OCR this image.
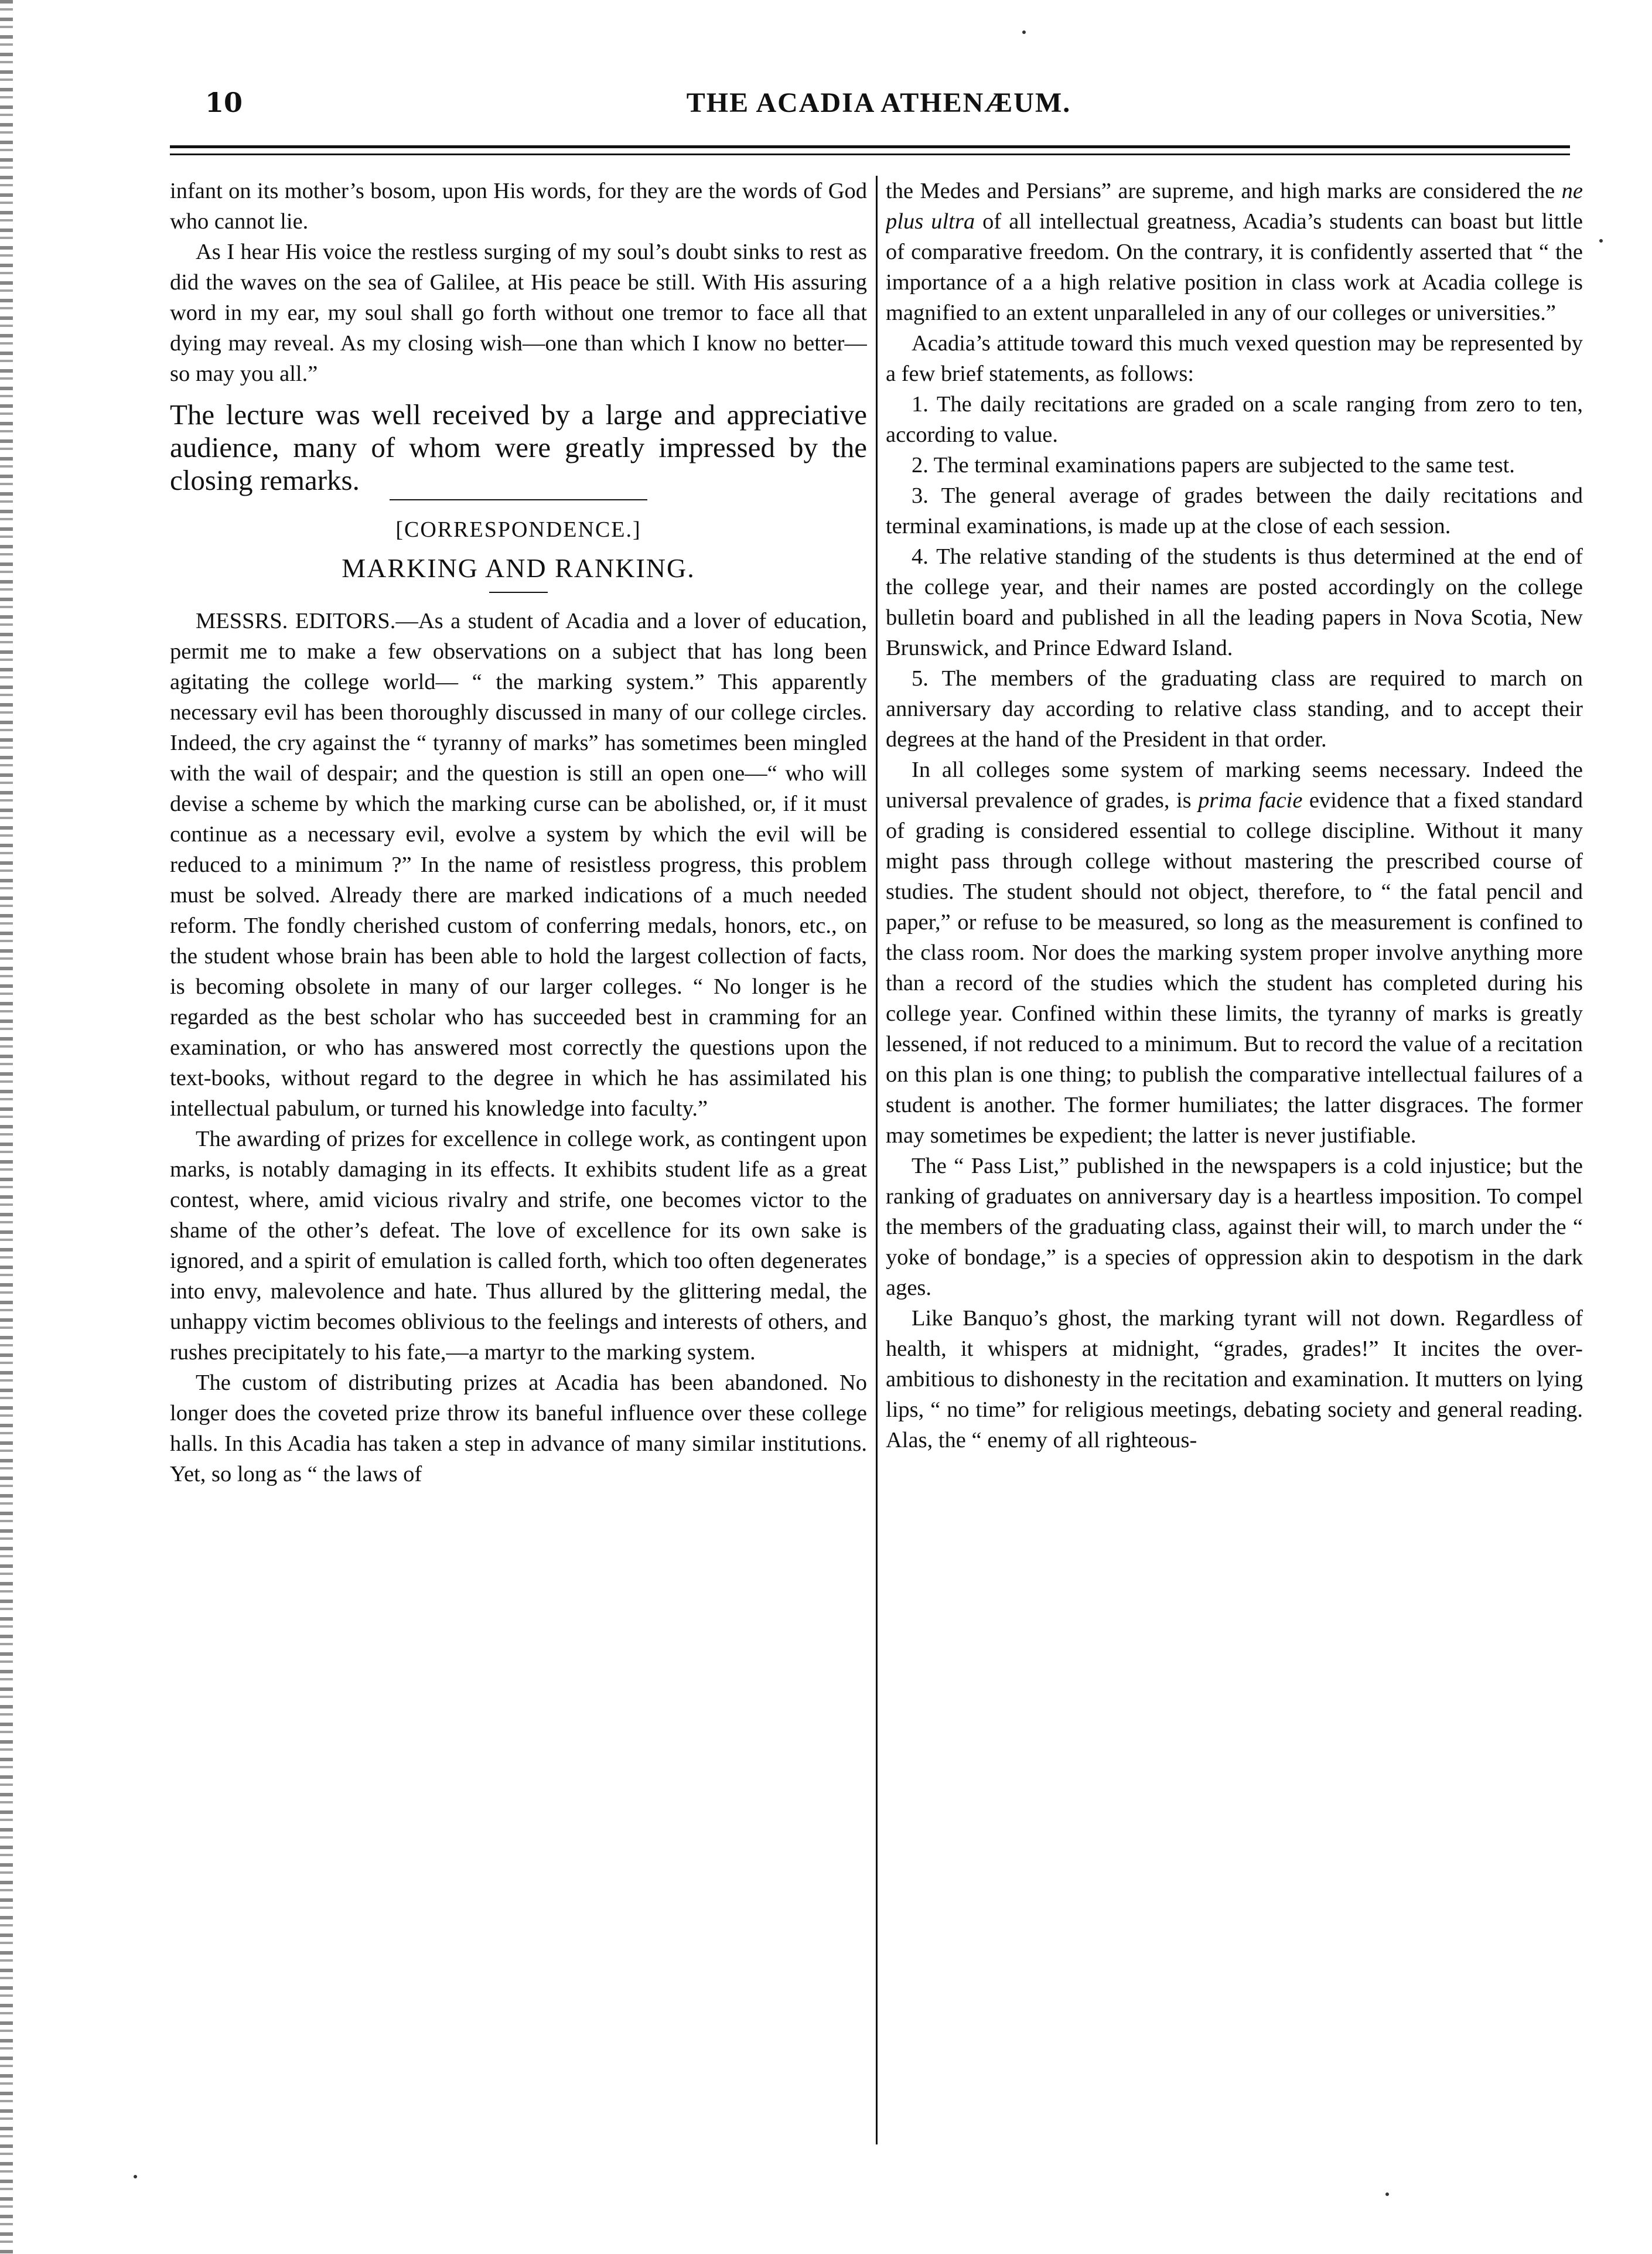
10	THE ACADIA ATHENÆUM.

infant on its mother’s bosom, upon His words, for they are the words of God who cannot lie.

As I hear His voice the restless surging of my soul’s doubt sinks to rest as did the waves on the sea of Galilee, at His peace be still. With His assuring word in my ear, my soul shall go forth without one tremor to face all that dying may reveal. As my closing wish—one than which I know no better—so may you all.”

The lecture was well received by a large and appreciative audience, many of whom were greatly impressed by the closing remarks.

[CORRESPONDENCE.]
MARKING AND RANKING.

MESSRS. EDITORS.—As a student of Acadia and a lover of education, permit me to make a few observations on a subject that has long been agitating the college world— “ the marking system.” This apparently necessary evil has been thoroughly discussed in many of our college circles. Indeed, the cry against the “ tyranny of marks” has sometimes been mingled with the wail of despair; and the question is still an open one—“ who will devise a scheme by which the marking curse can be abolished, or, if it must continue as a necessary evil, evolve a system by which the evil will be reduced to a minimum ?” In the name of resistless progress, this problem must be solved. Already there are marked indications of a much needed reform. The fondly cherished custom of conferring medals, honors, etc., on the student whose brain has been able to hold the largest collection of facts, is becoming obsolete in many of our larger colleges. “ No longer is he regarded as the best scholar who has succeeded best in cramming for an examination, or who has answered most correctly the questions upon the text-books, without regard to the degree in which he has assimilated his intellectual pabulum, or turned his knowledge into faculty.”

The awarding of prizes for excellence in college work, as contingent upon marks, is notably damaging in its effects. It exhibits student life as a great contest, where, amid vicious rivalry and strife, one becomes victor to the shame of the other’s defeat. The love of excellence for its own sake is ignored, and a spirit of emulation is called forth, which too often degenerates into envy, malevolence and hate. Thus allured by the glittering medal, the unhappy victim becomes oblivious to the feelings and interests of others, and rushes precipitately to his fate,—a martyr to the marking system.

The custom of distributing prizes at Acadia has been abandoned. No longer does the coveted prize throw its baneful influence over these college halls. In this Acadia has taken a step in advance of many similar institutions. Yet, so long as “ the laws of

the Medes and Persians” are supreme, and high marks are considered the ne plus ultra of all intellectual greatness, Acadia’s students can boast but little of comparative freedom. On the contrary, it is confidently asserted that “ the importance of a a high relative position in class work at Acadia college is magnified to an extent unparalleled in any of our colleges or universities.”

Acadia’s attitude toward this much vexed question may be represented by a few brief statements, as follows:

1. The daily recitations are graded on a scale ranging from zero to ten, according to value.

2. The terminal examinations papers are subjected to the same test.

3. The general average of grades between the daily recitations and terminal examinations, is made up at the close of each session.

4. The relative standing of the students is thus determined at the end of the college year, and their names are posted accordingly on the college bulletin board and published in all the leading papers in Nova Scotia, New Brunswick, and Prince Edward Island.

5. The members of the graduating class are required to march on anniversary day according to relative class standing, and to accept their degrees at the hand of the President in that order.

In all colleges some system of marking seems necessary. Indeed the universal prevalence of grades, is prima facie evidence that a fixed standard of grading is considered essential to college discipline. Without it many might pass through college without mastering the prescribed course of studies. The student should not object, therefore, to “ the fatal pencil and paper,” or refuse to be measured, so long as the measurement is confined to the class room. Nor does the marking system proper involve anything more than a record of the studies which the student has completed during his college year. Confined within these limits, the tyranny of marks is greatly lessened, if not reduced to a minimum. But to record the value of a recitation on this plan is one thing; to publish the comparative intellectual failures of a student is another. The former humiliates; the latter disgraces. The former may sometimes be expedient; the latter is never justifiable.

The “ Pass List,” published in the newspapers is a cold injustice; but the ranking of graduates on anniversary day is a heartless imposition. To compel the members of the graduating class, against their will, to march under the “ yoke of bondage,” is a species of oppression akin to despotism in the dark ages.

Like Banquo’s ghost, the marking tyrant will not down. Regardless of health, it whispers at midnight, “grades, grades!” It incites the over-ambitious to dishonesty in the recitation and examination. It mutters on lying lips, “ no time” for religious meetings, debating society and general reading. Alas, the “ enemy of all righteous-
